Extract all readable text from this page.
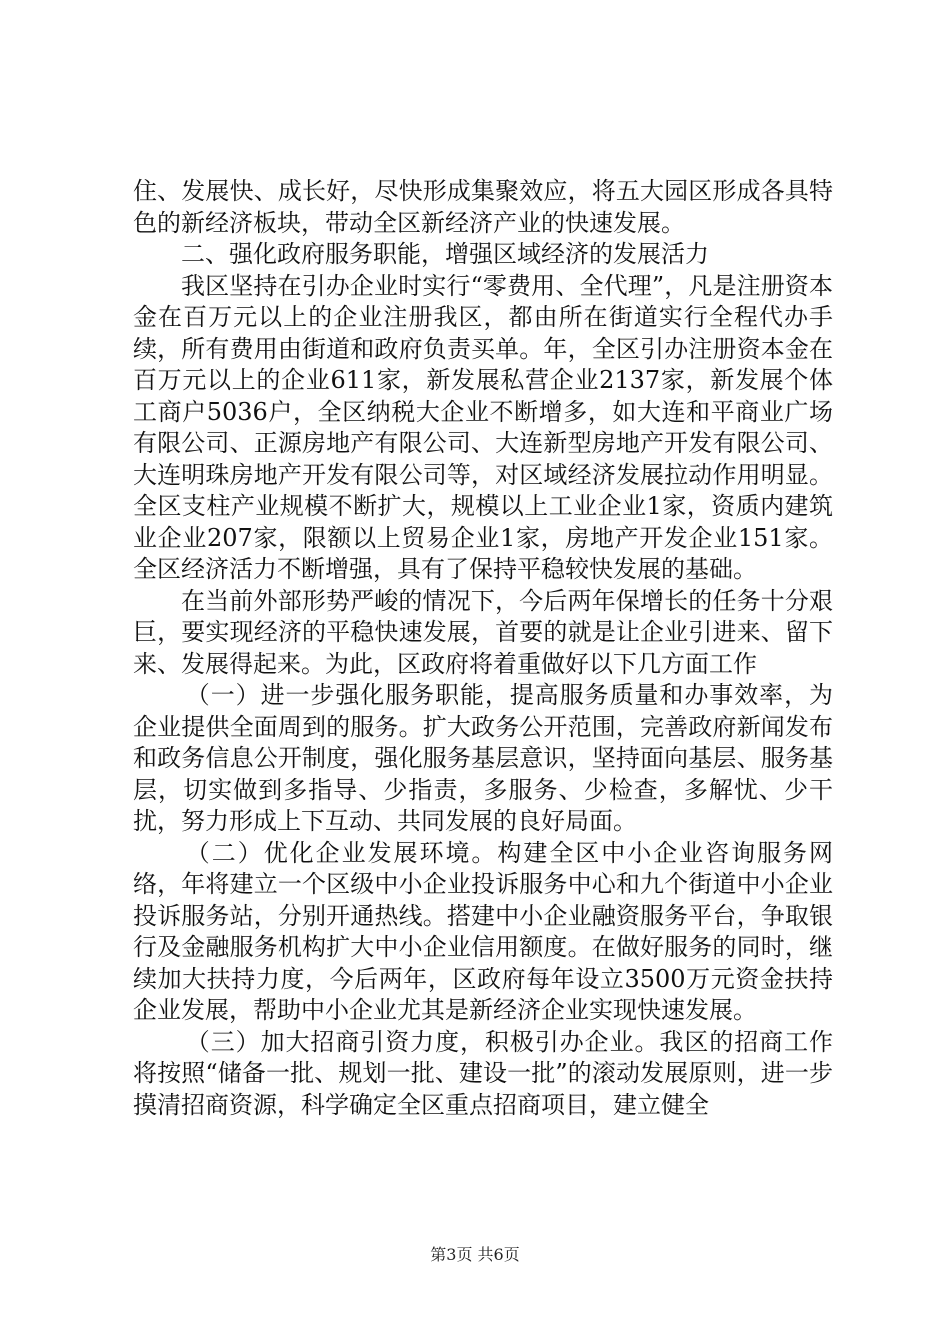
住、发展快、成长好，尽快形成集聚效应，将五大园区形成各具特色的新经济板块，带动全区新经济产业的快速发展。

二、强化政府服务职能，增强区域经济的发展活力

我区坚持在引办企业时实行“零费用、全代理”，凡是注册资本金在百万元以上的企业注册我区，都由所在街道实行全程代办手续，所有费用由街道和政府负责买单。年，全区引办注册资本金在百万元以上的企业611家，新发展私营企业2137家，新发展个体工商户5036户，全区纳税大企业不断增多，如大连和平商业广场有限公司、正源房地产有限公司、大连新型房地产开发有限公司、大连明珠房地产开发有限公司等，对区域经济发展拉动作用明显。全区支柱产业规模不断扩大，规模以上工业企业1家，资质内建筑业企业207家，限额以上贸易企业1家，房地产开发企业151家。全区经济活力不断增强，具有了保持平稳较快发展的基础。

在当前外部形势严峻的情况下，今后两年保增长的任务十分艰巨，要实现经济的平稳快速发展，首要的就是让企业引进来、留下来、发展得起来。为此，区政府将着重做好以下几方面工作

（一）进一步强化服务职能，提高服务质量和办事效率，为企业提供全面周到的服务。扩大政务公开范围，完善政府新闻发布和政务信息公开制度，强化服务基层意识，坚持面向基层、服务基层，切实做到多指导、少指责，多服务、少检查，多解忧、少干扰，努力形成上下互动、共同发展的良好局面。

（二）优化企业发展环境。构建全区中小企业咨询服务网络，年将建立一个区级中小企业投诉服务中心和九个街道中小企业投诉服务站，分别开通热线。搭建中小企业融资服务平台，争取银行及金融服务机构扩大中小企业信用额度。在做好服务的同时，继续加大扶持力度，今后两年，区政府每年设立3500万元资金扶持企业发展，帮助中小企业尤其是新经济企业实现快速发展。

（三）加大招商引资力度，积极引办企业。我区的招商工作将按照“储备一批、规划一批、建设一批”的滚动发展原则，进一步摸清招商资源，科学确定全区重点招商项目，建立健全

第3页 共6页
